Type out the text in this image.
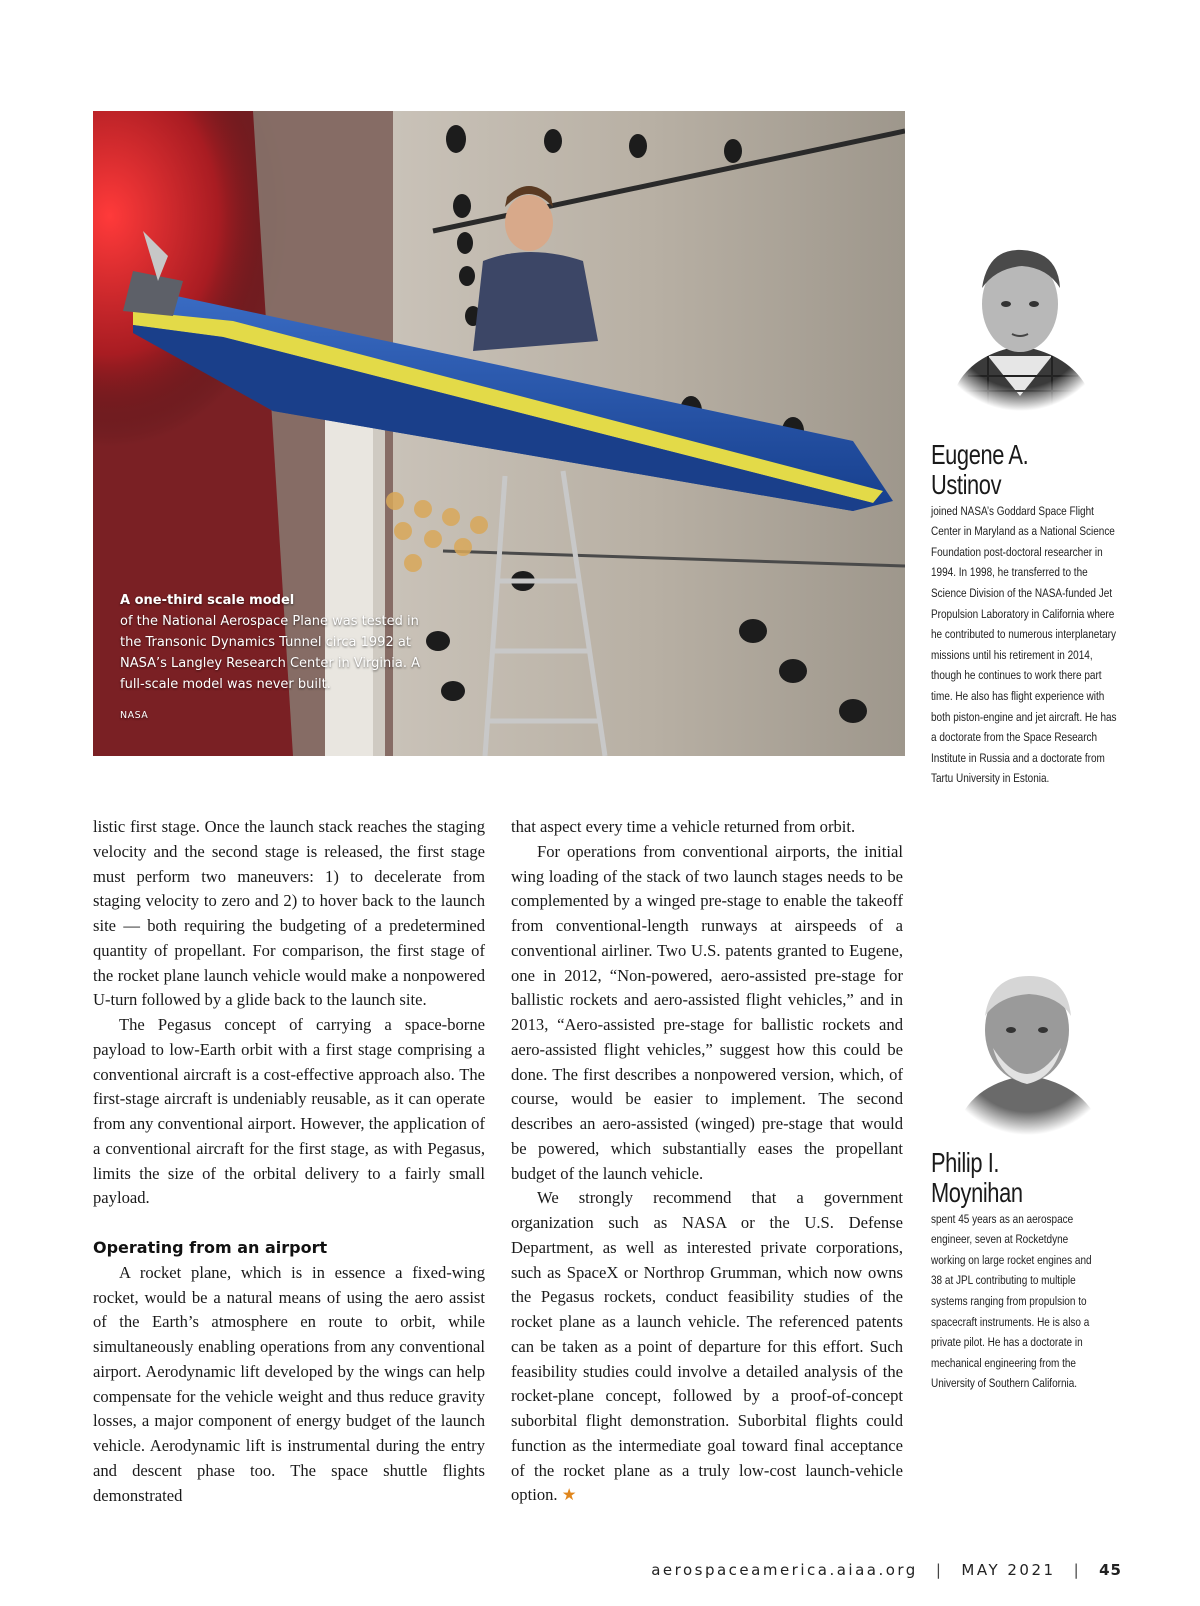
A one-third scale model
of the National Aerospace Plane was tested in the Transonic Dynamics Tunnel circa 1992 at NASA’s Langley Research Center in Virginia. A full-scale model was never built.
NASA

listic first stage. Once the launch stack reaches the staging velocity and the second stage is released, the first stage must perform two maneuvers: 1) to decelerate from staging velocity to zero and 2) to hover back to the launch site — both requiring the budgeting of a predetermined quantity of propellant. For comparison, the first stage of the rocket plane launch vehicle would make a nonpowered U-turn followed by a glide back to the launch site.

The Pegasus concept of carrying a space-borne payload to low-Earth orbit with a first stage comprising a conventional aircraft is a cost-effective approach also. The first-stage aircraft is undeniably reusable, as it can operate from any conventional airport. However, the application of a conventional aircraft for the first stage, as with Pegasus, limits the size of the orbital delivery to a fairly small payload.

Operating from an airport

A rocket plane, which is in essence a fixed-wing rocket, would be a natural means of using the aero assist of the Earth’s atmosphere en route to orbit, while simultaneously enabling operations from any conventional airport. Aerodynamic lift developed by the wings can help compensate for the vehicle weight and thus reduce gravity losses, a major component of energy budget of the launch vehicle. Aerodynamic lift is instrumental during the entry and descent phase too. The space shuttle flights demonstrated

that aspect every time a vehicle returned from orbit.

For operations from conventional airports, the initial wing loading of the stack of two launch stages needs to be complemented by a winged pre-stage to enable the takeoff from conventional-length runways at airspeeds of a conventional airliner. Two U.S. patents granted to Eugene, one in 2012, “Non-powered, aero-assisted pre-stage for ballistic rockets and aero-assisted flight vehicles,” and in 2013, “Aero-assisted pre-stage for ballistic rockets and aero-assisted flight vehicles,” suggest how this could be done. The first describes a nonpowered version, which, of course, would be easier to implement. The second describes an aero-assisted (winged) pre-stage that would be powered, which substantially eases the propellant budget of the launch vehicle.

We strongly recommend that a government organization such as NASA or the U.S. Defense Department, as well as interested private corporations, such as SpaceX or Northrop Grumman, which now owns the Pegasus rockets, conduct feasibility studies of the rocket plane as a launch vehicle. The referenced patents can be taken as a point of departure for this effort. Such feasibility studies could involve a detailed analysis of the rocket-plane concept, followed by a proof-of-concept suborbital flight demonstration. Suborbital flights could function as the intermediate goal toward final acceptance of the rocket plane as a truly low-cost launch-vehicle option. ★

Eugene A. Ustinov
joined NASA’s Goddard Space Flight Center in Maryland as a National Science Foundation post-doctoral researcher in 1994. In 1998, he transferred to the Science Division of the NASA-funded Jet Propulsion Laboratory in California where he contributed to numerous interplanetary missions until his retirement in 2014, though he continues to work there part time. He also has flight experience with both piston-engine and jet aircraft. He has a doctorate from the Space Research Institute in Russia and a doctorate from Tartu University in Estonia.
Philip I. Moynihan
spent 45 years as an aerospace engineer, seven at Rocketdyne working on large rocket engines and 38 at JPL contributing to multiple systems ranging from propulsion to spacecraft instruments. He is also a private pilot. He has a doctorate in mechanical engineering from the University of Southern California.
aerospaceamerica.aiaa.org | MAY 2021 | 45
